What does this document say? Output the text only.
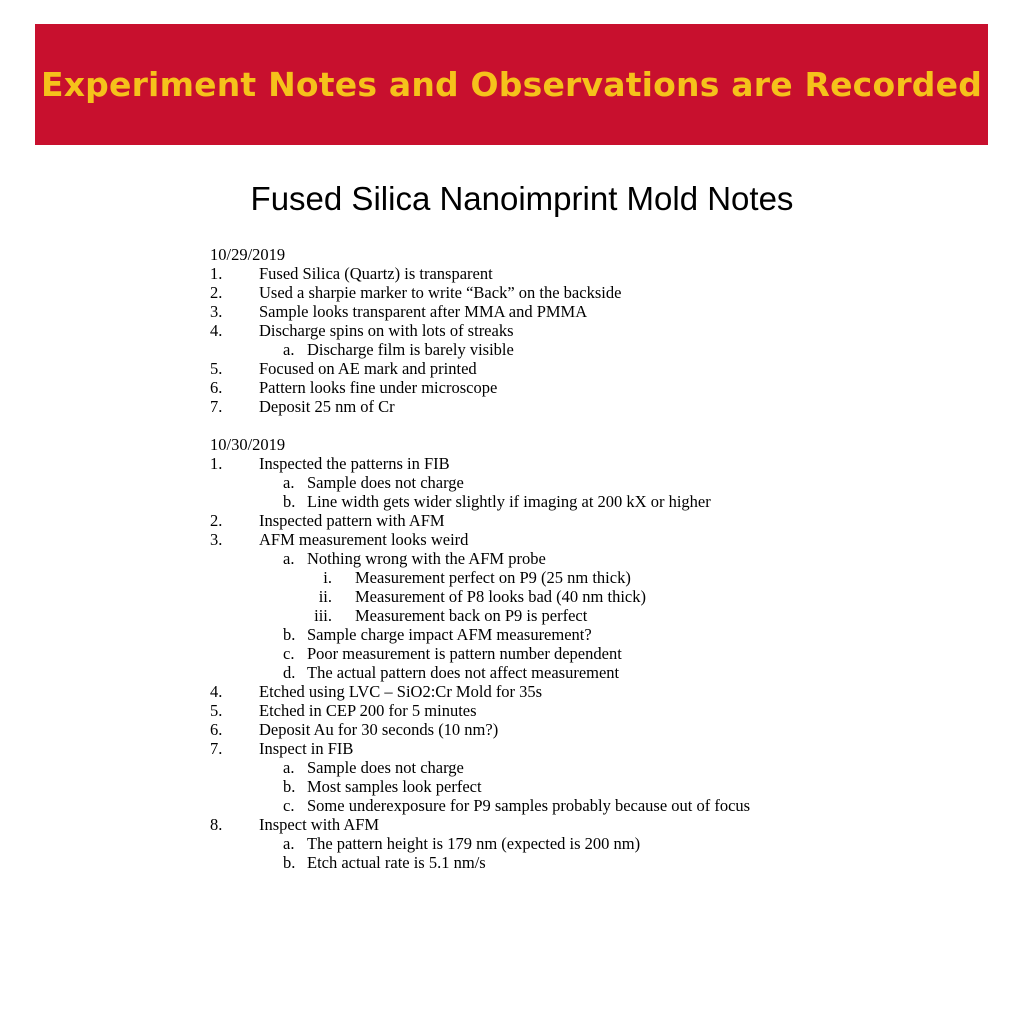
Experiment Notes and Observations are Recorded
Fused Silica Nanoimprint Mold Notes
10/29/2019
1. Fused Silica (Quartz) is transparent
2. Used a sharpie marker to write “Back” on the backside
3. Sample looks transparent after MMA and PMMA
4. Discharge spins on with lots of streaks
a. Discharge film is barely visible
5. Focused on AE mark and printed
6. Pattern looks fine under microscope
7. Deposit 25 nm of Cr
10/30/2019
1. Inspected the patterns in FIB
a. Sample does not charge
b. Line width gets wider slightly if imaging at 200 kX or higher
2. Inspected pattern with AFM
3. AFM measurement looks weird
a. Nothing wrong with the AFM probe
i. Measurement perfect on P9 (25 nm thick)
ii. Measurement of P8 looks bad (40 nm thick)
iii. Measurement back on P9 is perfect
b. Sample charge impact AFM measurement?
c. Poor measurement is pattern number dependent
d. The actual pattern does not affect measurement
4. Etched using LVC – SiO2:Cr Mold for 35s
5. Etched in CEP 200 for 5 minutes
6. Deposit Au for 30 seconds (10 nm?)
7. Inspect in FIB
a. Sample does not charge
b. Most samples look perfect
c. Some underexposure for P9 samples probably because out of focus
8. Inspect with AFM
a. The pattern height is 179 nm (expected is 200 nm)
b. Etch actual rate is 5.1 nm/s
